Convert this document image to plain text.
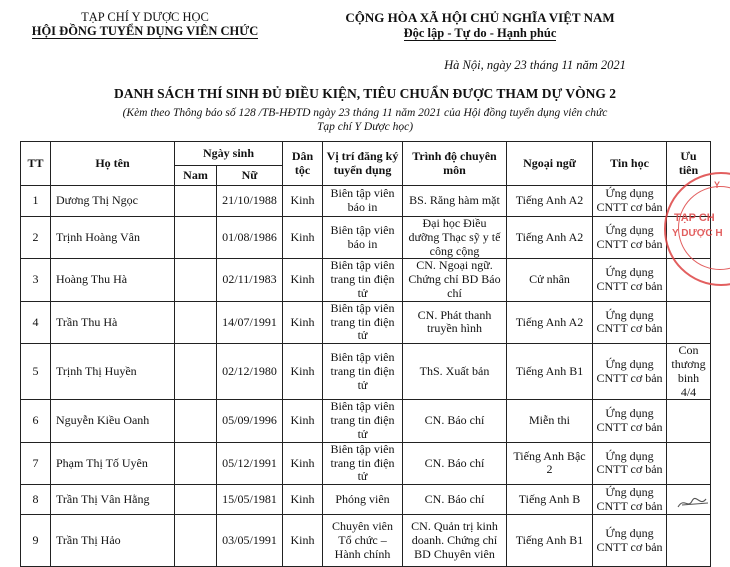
TẠP CHÍ Y DƯỢC HỌC
HỘI ĐỒNG TUYỂN DỤNG VIÊN CHỨC
CỘNG HÒA XÃ HỘI CHỦ NGHĨA VIỆT NAM
Độc lập - Tự do - Hạnh phúc
Hà Nội, ngày 23 tháng 11 năm 2021
DANH SÁCH THÍ SINH ĐỦ ĐIỀU KIỆN, TIÊU CHUẨN ĐƯỢC THAM DỰ VÒNG 2
(Kèm theo Thông báo số 128 /TB-HĐTD ngày 23 tháng 11 năm 2021 của Hội đồng tuyển dụng viên chức
Tạp chí Y Dược học)
TT	Họ tên	Ngày sinh		Dân tộc	Vị trí đăng ký tuyển dụng	Trình độ chuyên môn	Ngoại ngữ	Tin học	Ưu tiên
		Nam	Nữ						
1	Dương Thị Ngọc		21/10/1988	Kinh	Biên tập viên báo in	BS. Răng hàm mặt	Tiếng Anh A2	Ứng dụng CNTT cơ bản	
2	Trịnh Hoàng Vân		01/08/1986	Kinh	Biên tập viên báo in	Đại học Điều dưỡng Thạc sỹ y tế công cộng	Tiếng Anh A2	Ứng dụng CNTT cơ bản	
3	Hoàng Thu Hà		02/11/1983	Kinh	Biên tập viên trang tin điện tử	CN. Ngoại ngữ. Chứng chỉ BD Báo chí	Cử nhân	Ứng dụng CNTT cơ bản	
4	Trần Thu Hà		14/07/1991	Kinh	Biên tập viên trang tin điện tử	CN. Phát thanh truyền hình	Tiếng Anh A2	Ứng dụng CNTT cơ bản	
5	Trịnh Thị Huyền		02/12/1980	Kinh	Biên tập viên trang tin điện tử	ThS. Xuất bản	Tiếng Anh B1	Ứng dụng CNTT cơ bản	Con thương binh 4/4
6	Nguyễn Kiều Oanh		05/09/1996	Kinh	Biên tập viên trang tin điện tử	CN. Báo chí	Miễn thi	Ứng dụng CNTT cơ bản	
7	Phạm Thị Tố Uyên		05/12/1991	Kinh	Biên tập viên trang tin điện tử	CN. Báo chí	Tiếng Anh Bậc 2	Ứng dụng CNTT cơ bản	
8	Trần Thị Vân Hằng		15/05/1981	Kinh	Phóng viên	CN. Báo chí	Tiếng Anh B	Ứng dụng CNTT cơ bản	
9	Trần Thị Hảo		03/05/1991	Kinh	Chuyên viên Tổ chức – Hành chính	CN. Quản trị kinh doanh. Chứng chỉ BD Chuyên viên	Tiếng Anh B1	Ứng dụng CNTT cơ bản	
Y
TẠP CH
Y DƯỢC H
